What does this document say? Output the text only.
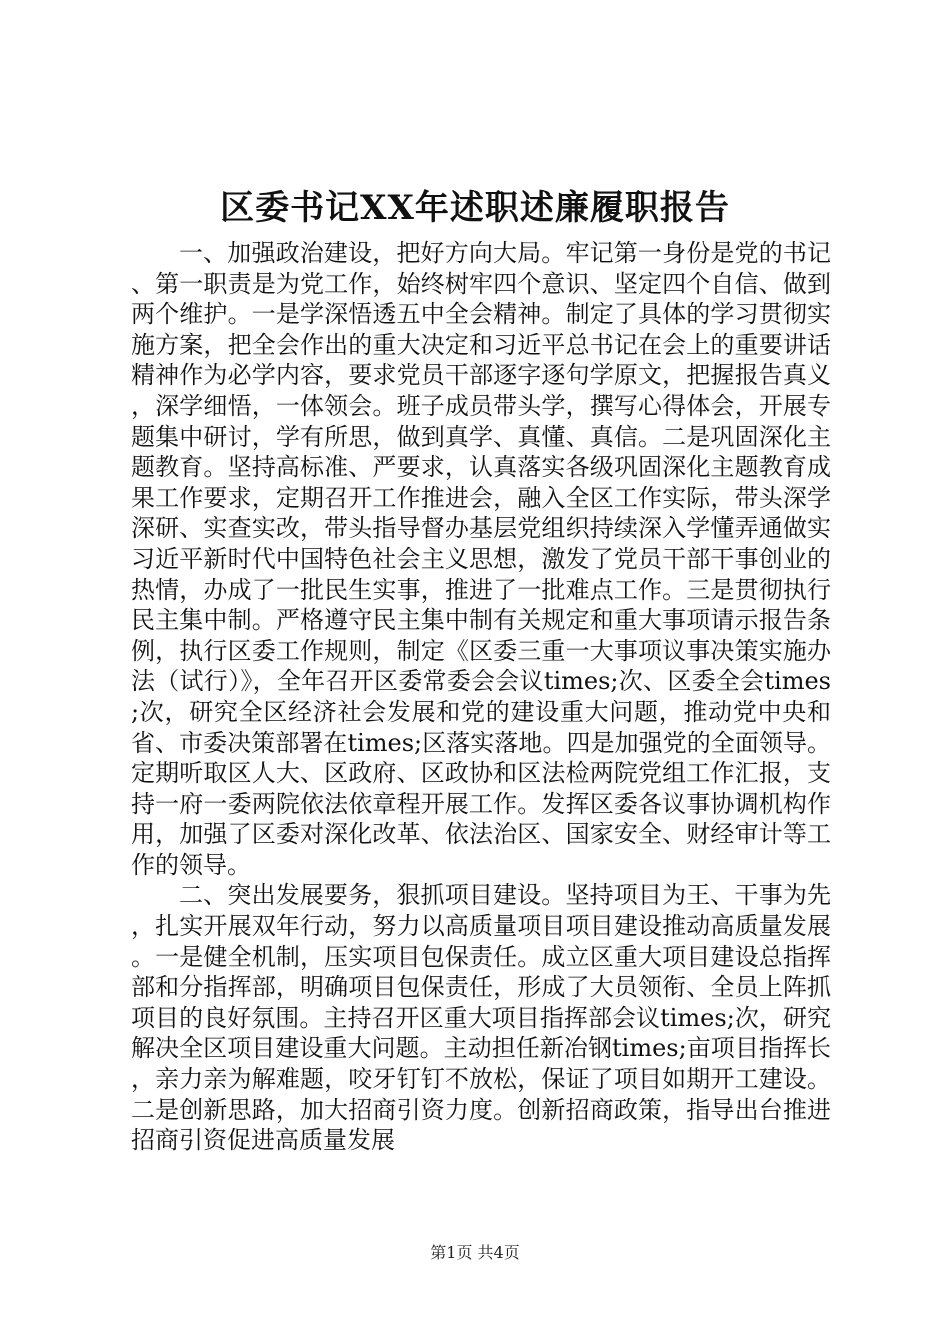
区委书记XX年述职述廉履职报告

一、加强政治建设，把好方向大局。牢记第一身份是党的书记、第一职责是为党工作，始终树牢四个意识、坚定四个自信、做到两个维护。一是学深悟透五中全会精神。制定了具体的学习贯彻实施方案，把全会作出的重大决定和习近平总书记在会上的重要讲话精神作为必学内容，要求党员干部逐字逐句学原文，把握报告真义，深学细悟，一体领会。班子成员带头学，撰写心得体会，开展专题集中研讨，学有所思，做到真学、真懂、真信。二是巩固深化主题教育。坚持高标准、严要求，认真落实各级巩固深化主题教育成果工作要求，定期召开工作推进会，融入全区工作实际，带头深学深研、实查实改，带头指导督办基层党组织持续深入学懂弄通做实习近平新时代中国特色社会主义思想，激发了党员干部干事创业的热情，办成了一批民生实事，推进了一批难点工作。三是贯彻执行民主集中制。严格遵守民主集中制有关规定和重大事项请示报告条例，执行区委工作规则，制定《区委三重一大事项议事决策实施办法（试行）》，全年召开区委常委会会议times;次、区委全会times;次，研究全区经济社会发展和党的建设重大问题，推动党中央和省、市委决策部署在times;区落实落地。四是加强党的全面领导。定期听取区人大、区政府、区政协和区法检两院党组工作汇报，支持一府一委两院依法依章程开展工作。发挥区委各议事协调机构作用，加强了区委对深化改革、依法治区、国家安全、财经审计等工作的领导。

二、突出发展要务，狠抓项目建设。坚持项目为王、干事为先，扎实开展双年行动，努力以高质量项目项目建设推动高质量发展。一是健全机制，压实项目包保责任。成立区重大项目建设总指挥部和分指挥部，明确项目包保责任，形成了大员领衔、全员上阵抓项目的良好氛围。主持召开区重大项目指挥部会议times;次，研究解决全区项目建设重大问题。主动担任新冶钢times;亩项目指挥长，亲力亲为解难题，咬牙钉钉不放松，保证了项目如期开工建设。二是创新思路，加大招商引资力度。创新招商政策，指导出台推进招商引资促进高质量发展

第1页 共4页
